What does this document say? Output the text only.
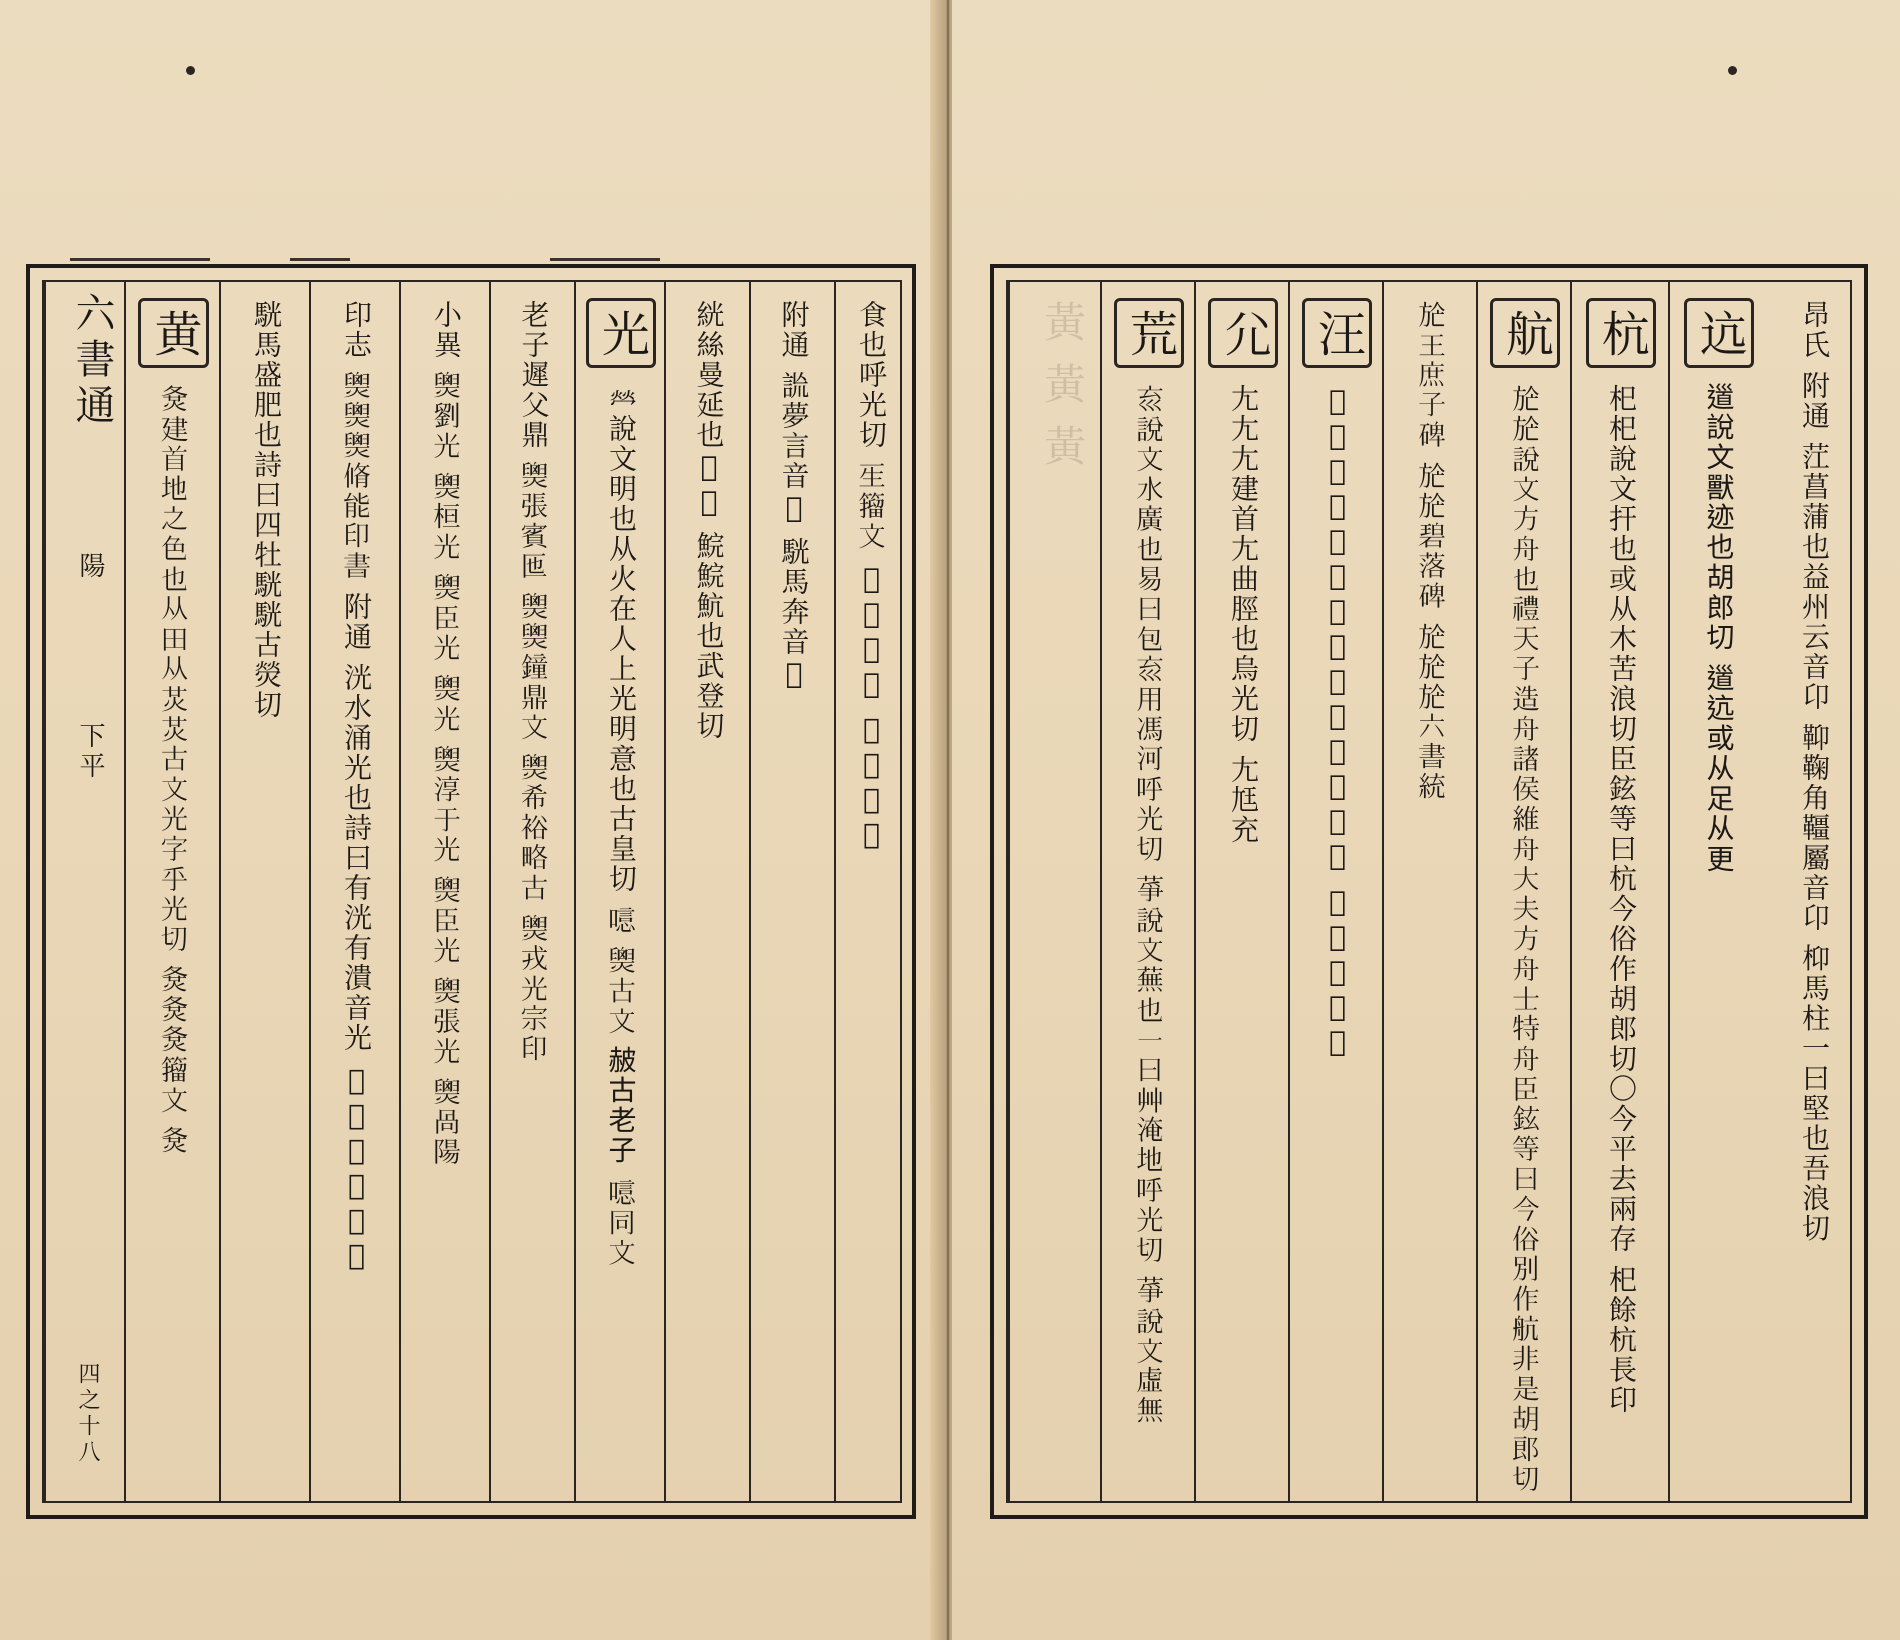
食也呼光切 𤯔籀文 𦋭古老子 𠦾六書統
附通 詤夢言音𦎖 駫馬奔音𦎖
絖絲曼延也𦎖𦎖 鯇鯇魧也武登切
光
𤇾說文明也从火在人上光明意也古皇切 𠻫 𤐫古文 𧹞古老子 𠻫同文
老子遲父鼎 𤐫張賓匜 𤐫𤐫鐘鼎文 𤐫希裕略古 𤐫戎光宗印
小異 𤐫劉光 𤐫桓光 𤐫臣光 𤐫光 𤐫淳于光 𤐫臣光 𤐫張光 𤐫咼陽
印志 𤐫𤐫𤐫脩能印書 附通 洸水涌光也詩曰有洸有潰音光 𣿵充也古礦切
駫馬盛肥也詩曰四牡駫駫古熒切
黄
𡕛建首地之色也从田从炗炗古文光字乎光切 𡕛𡕛𡕛籀文 𡕛
六書通
陽
下平
四之十八
黃黃黃	昂氏 附通 茳菖蒲也益州云音卬 䩕鞠角韁屬音卬 枊馬柱一曰堅也吾浪切
迒
𨕥說文獸迹也胡郎切 𨕥迒或从足从更
杭
𣏌𣏌說文扞也或从木苦浪切臣鉉等曰杭今俗作胡郎切〇今平去兩存 𣏌餘杭長印
航
𣃢𣃢說文方舟也禮天子造舟諸侯維舟大夫方舟士特舟臣鉉等曰今俗別作航非是胡郎切
𣃢王庶子碑 𣃢𣃢碧落碑 𣃢𣃢𣃢六書統
汪
𣲖說文深廣也一曰汪池也烏光切 𣲖汪賡私印
尣
𡯁𡯁𡯁建首𡯁曲脛也烏光切 𡯁尪充
荒
𡿮說文水廣也易曰包𡿮用馮河呼光切 𦱊說文蕪也一曰艸淹地呼光切 𦱊說文虛無
